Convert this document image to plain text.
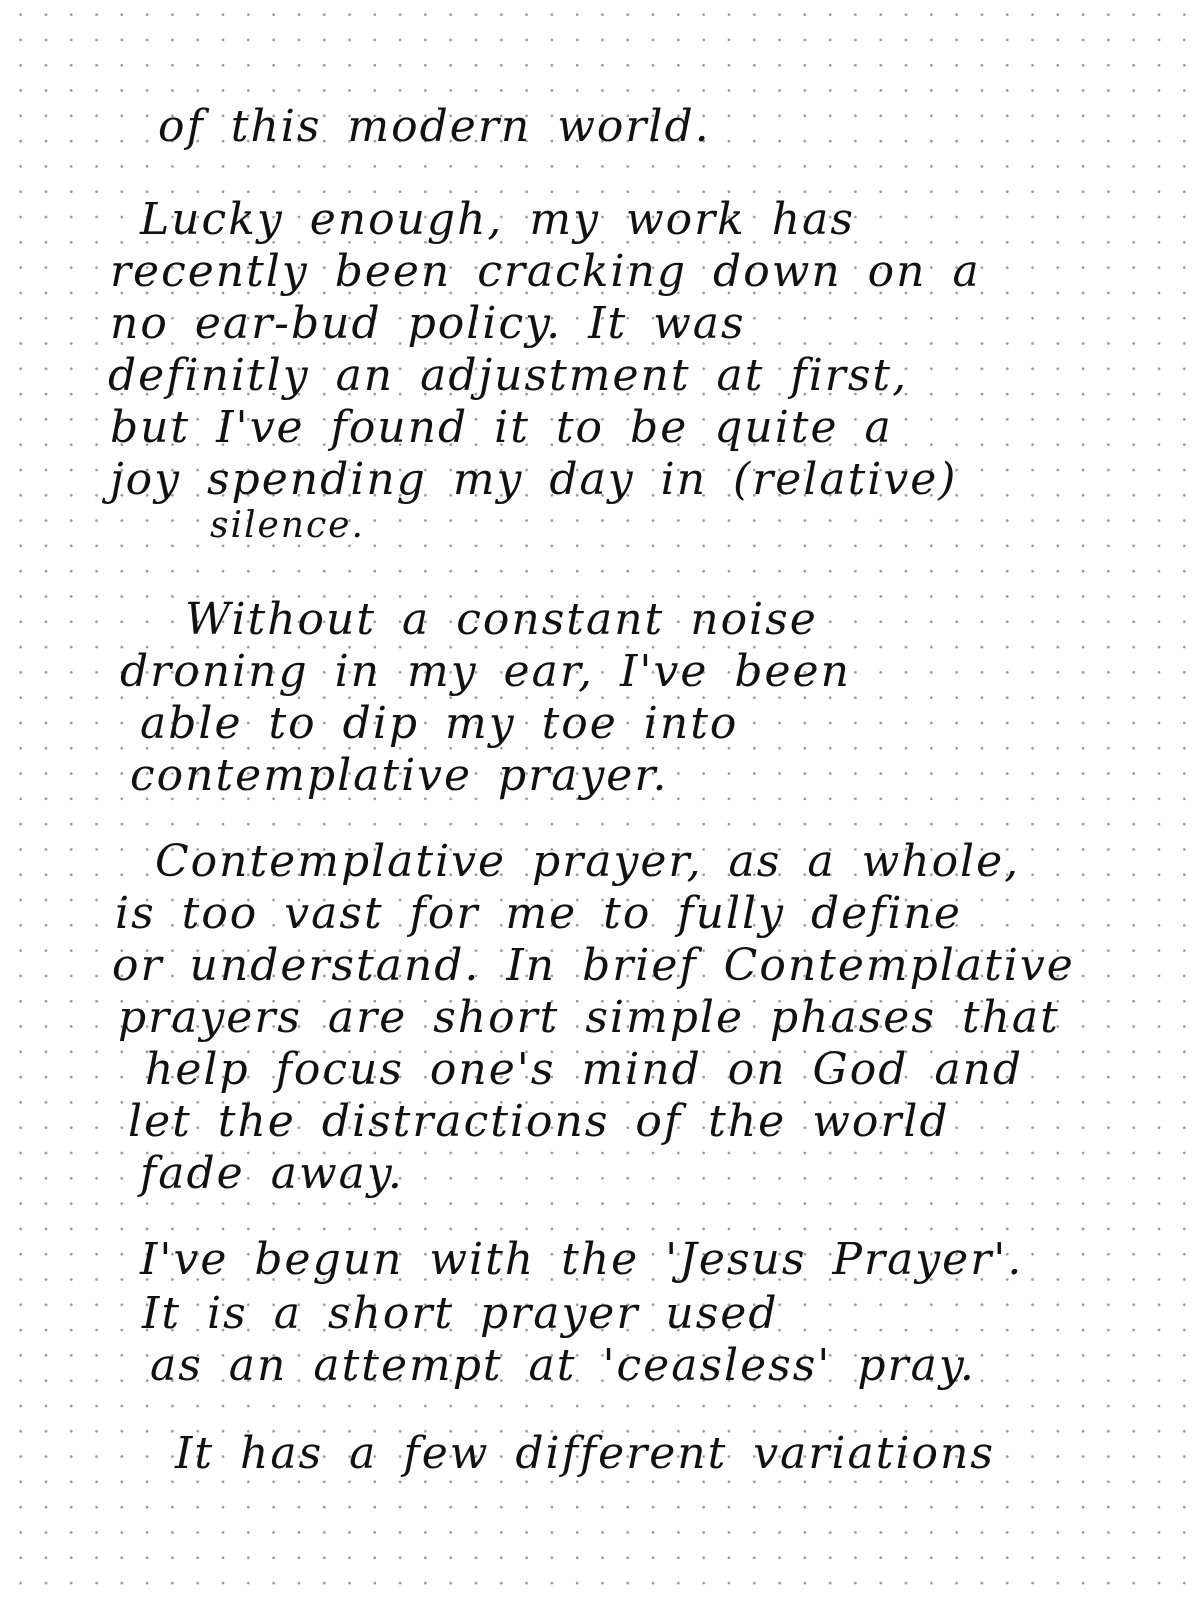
of this modern world.

Lucky enough, my work has

recently been cracking down on a

no ear-bud policy. It was

definitly an adjustment at first,

but I've found it to be quite a

joy spending my day in (relative)

silence.

Without a constant noise

droning in my ear, I've been

able to dip my toe into

contemplative prayer.

Contemplative prayer, as a whole,

is too vast for me to fully define

or understand. In brief Contemplative

prayers are short simple phases that

help focus one's mind on God and

let the distractions of the world

fade away.

I've begun with the 'Jesus Prayer'.

It is a short prayer used

as an attempt at 'ceasless' pray.

It has a few different variations
